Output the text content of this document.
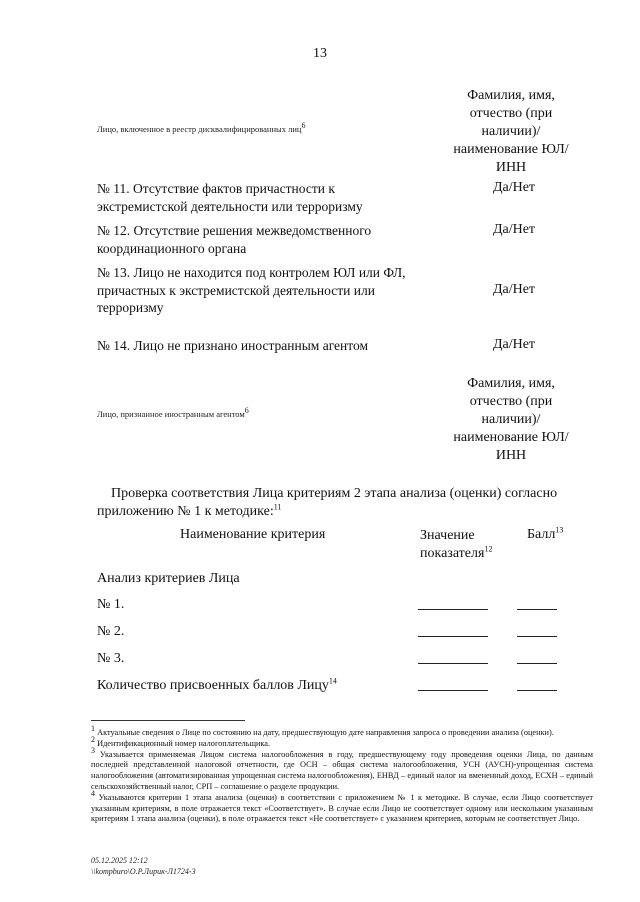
13
Лицо, включенное в реестр дисквалифицированных лиц6
Фамилия, имя,
отчество (при
наличии)/
наименование ЮЛ/
ИНН
№ 11. Отсутствие фактов причастности к
экстремистской деятельности или терроризму
Да/Нет
№ 12. Отсутствие решения межведомственного
координационного органа
Да/Нет
№ 13. Лицо не находится под контролем ЮЛ или ФЛ,
причастных к экстремистской деятельности или
терроризму
Да/Нет
№ 14. Лицо не признано иностранным агентом	Да/Нет
Лицо, признанное иностранным агентом6
Фамилия, имя,
отчество (при
наличии)/
наименование ЮЛ/
ИНН
Проверка соответствия Лица критериям 2 этапа анализа (оценки) согласно
приложению № 1 к методике:$^{11}$
Наименование критерия	Значение
показателя$^{12}$
Балл$^{13}$
Анализ критериев Лица
№ 1.
№ 2.
№ 3.
Количество присвоенных баллов Лицу$^{14}$
1 Актуальные сведения о Лице по состоянию на дату, предшествующую дате направления запроса о проведении анализа (оценки).
2 Идентификационный номер налогоплательщика.
3 Указывается применяемая Лицом система налогообложения в году, предшествующему году проведения оценки Лица, по данным последней представленной налоговой отчетности, где ОСН – общая система налогообложения, УСН (АУСН)-упрощенная система налогообложения (автоматизированная упрощенная система налогообложения), ЕНВД – единый налог на вмененный доход, ЕСХН – единый сельскохозяйственный налог, СРП – соглашение о разделе продукции.
4 Указываются критерии 1 этапа анализа (оценки) в соответствии с приложением № 1 к методике. В случае, если Лицо соответствует указанным критериям, в поле отражается текст «Соответствует». В случае если Лицо не соответствует одному или нескольким указанным критериям 1 этапа анализа (оценки), в поле отражается текст «Не соответствует» с указанием критериев, которым не соответствует Лицо.
05.12.2025 12:12
\\kompburo\О.Р.Лирик-Л1724-3
